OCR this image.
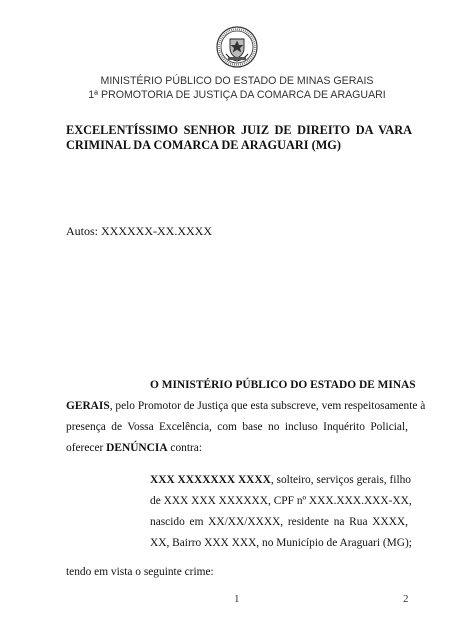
MINISTÉRIO PÚBLICO DO ESTADO DE MINAS GERAIS
1ª PROMOTORIA DE JUSTIÇA DA COMARCA DE ARAGUARI
EXCELENTÍSSIMO SENHOR JUIZ DE DIREITO DA VARA
CRIMINAL DA COMARCA DE ARAGUARI (MG)
Autos: XXXXXX-XX.XXXX
O MINISTÉRIO PÚBLICO DO ESTADO DE MINAS
GERAIS, pelo Promotor de Justiça que esta subscreve, vem respeitosamente à
presença de Vossa Excelência, com base no incluso Inquérito Policial,
oferecer DENÚNCIA contra:
XXX XXXXXXX XXXX, solteiro, serviços gerais, filho
de XXX XXX XXXXXX, CPF nº XXX.XXX.XXX-XX,
nascido em XX/XX/XXXX, residente na Rua XXXX,
XX, Bairro XXX XXX, no Município de Araguari (MG);
tendo em vista o seguinte crime:
1	2
